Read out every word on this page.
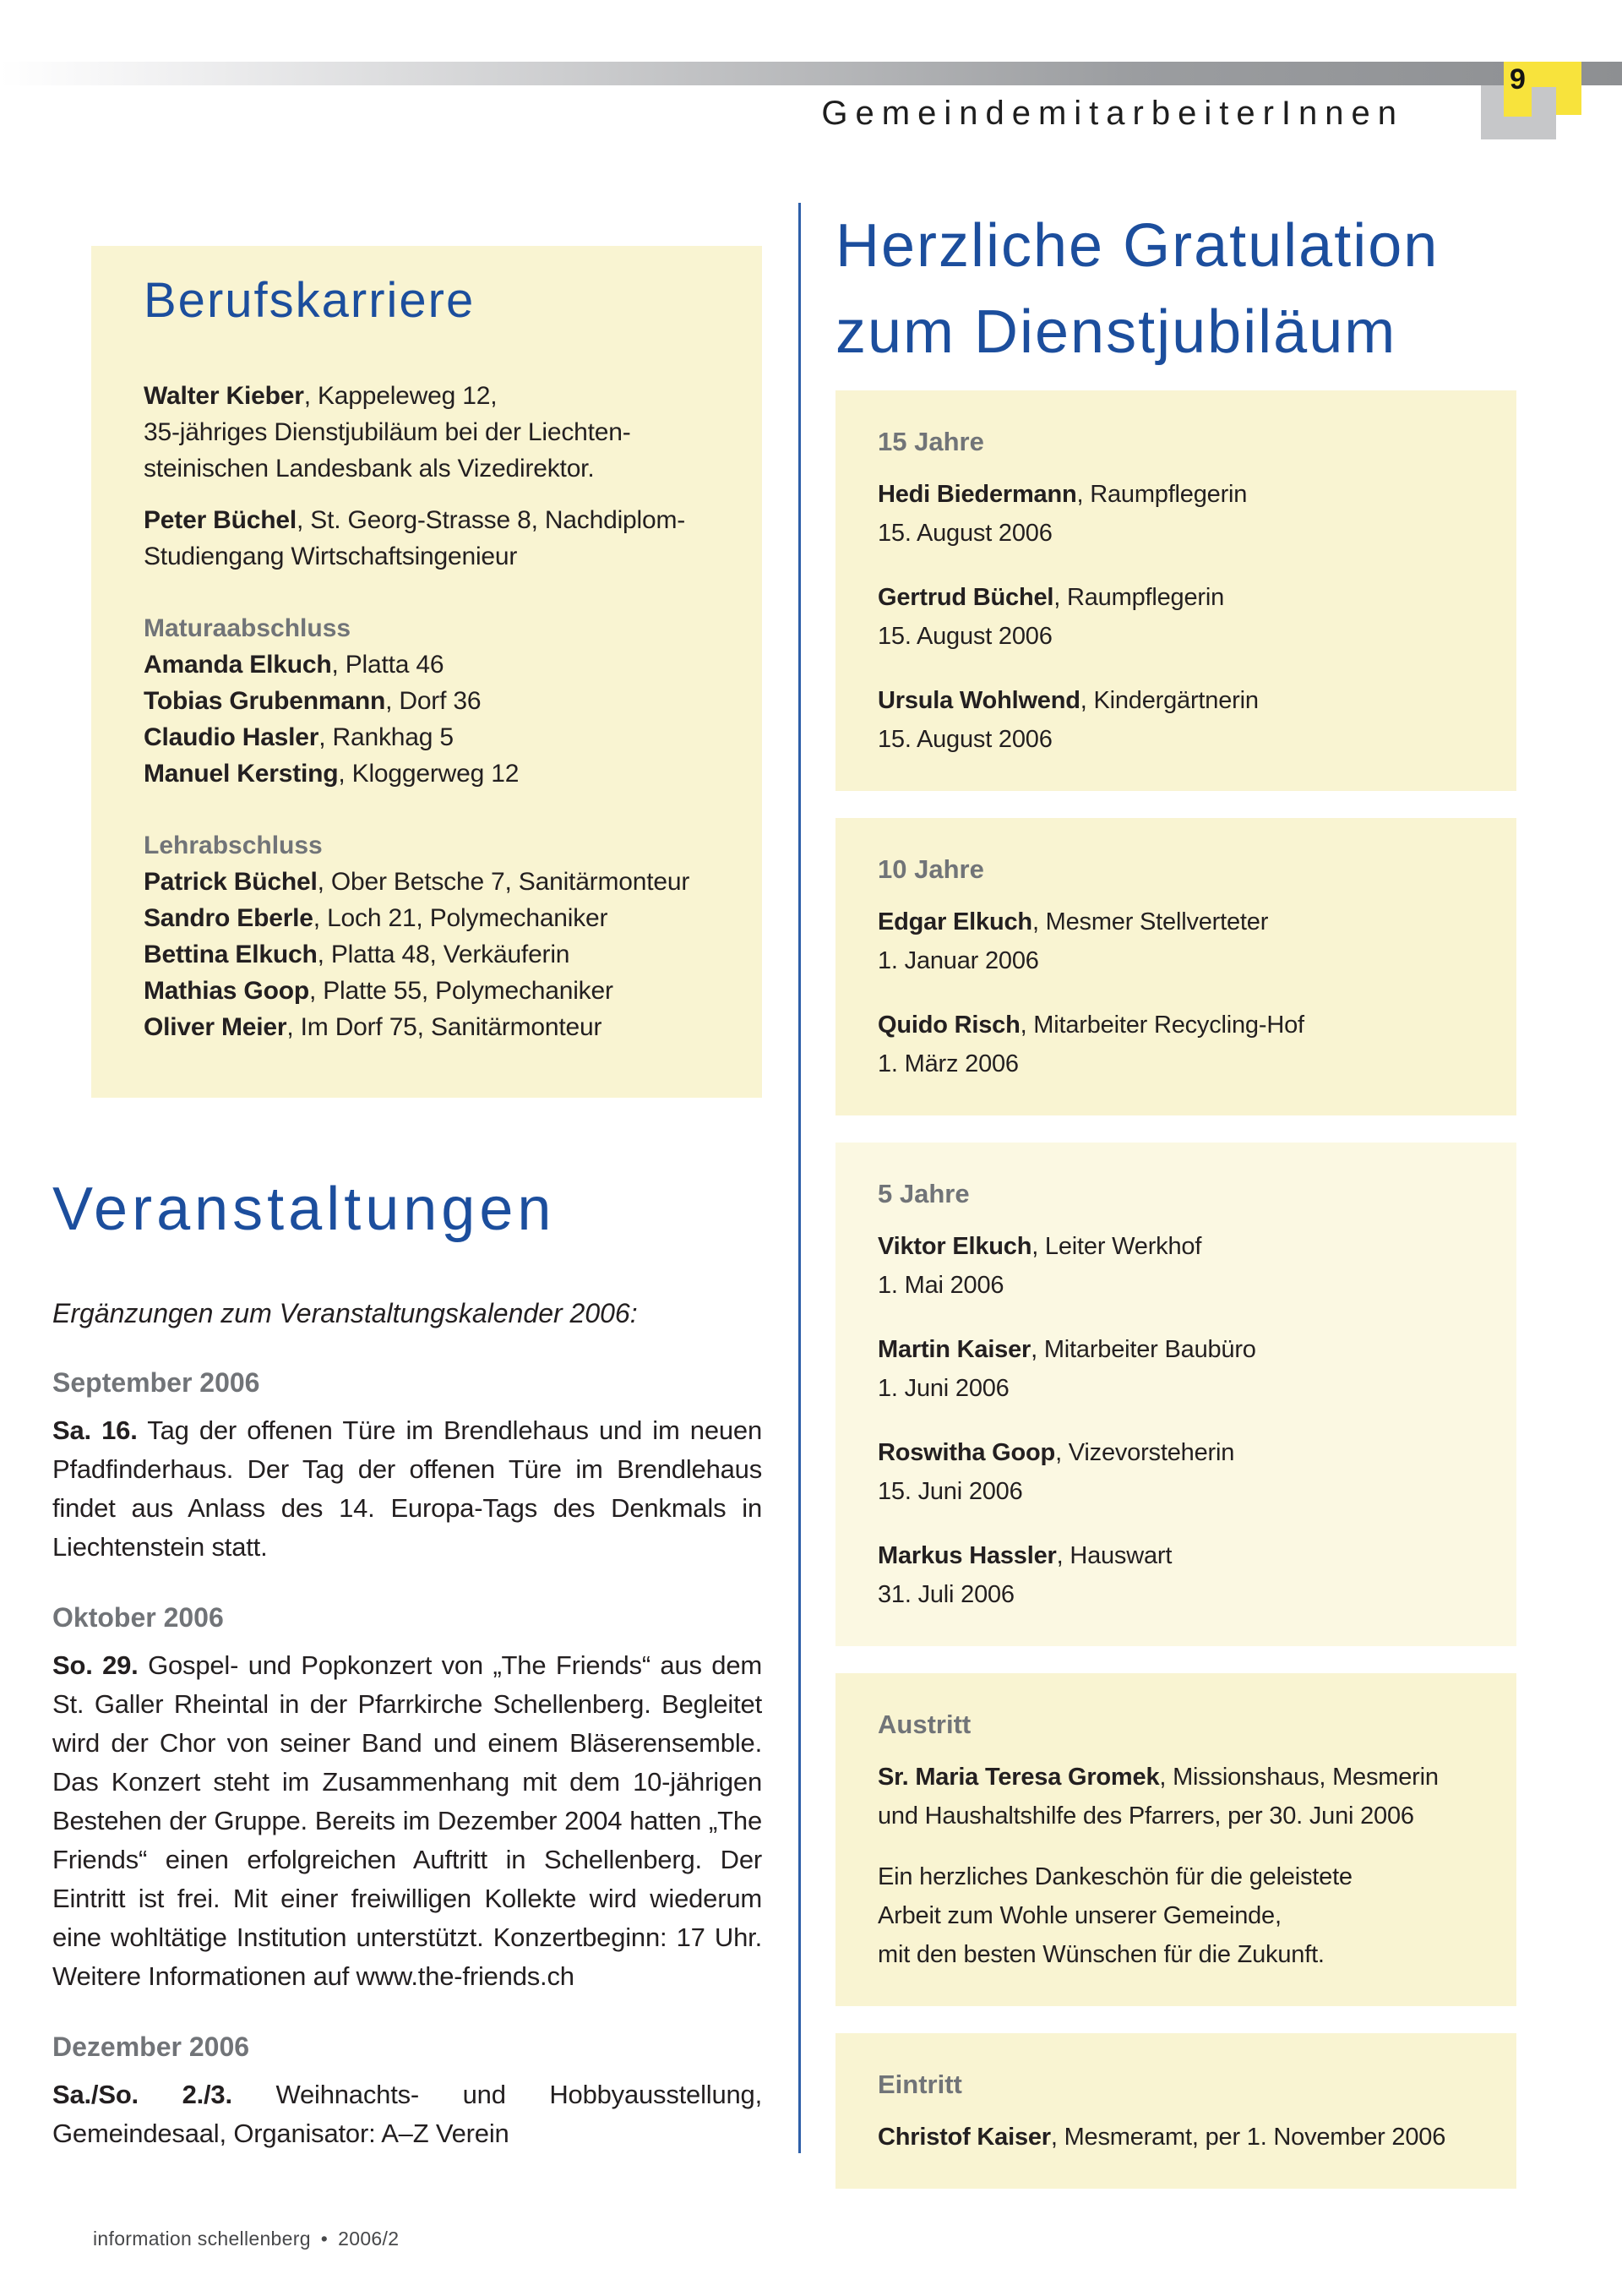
9
GemeindemitarbeiterInnen
Berufskarriere
Walter Kieber, Kappeleweg 12,
35-jähriges Dienstjubiläum bei der Liechten-
steinischen Landesbank als Vizedirektor.
Peter Büchel, St. Georg-Strasse 8, Nachdiplom-
Studiengang Wirtschaftsingenieur
Maturaabschluss
Amanda Elkuch, Platta 46
Tobias Grubenmann, Dorf 36
Claudio Hasler, Rankhag 5
Manuel Kersting, Kloggerweg 12
Lehrabschluss
Patrick Büchel, Ober Betsche 7, Sanitärmonteur
Sandro Eberle, Loch 21, Polymechaniker
Bettina Elkuch, Platta 48, Verkäuferin
Mathias Goop, Platte 55, Polymechaniker
Oliver Meier, Im Dorf 75, Sanitärmonteur
Veranstaltungen
Ergänzungen zum Veranstaltungskalender 2006:
September 2006

Sa. 16. Tag der offenen Türe im Brendlehaus und im neuen Pfadfinderhaus. Der Tag der offenen Türe im Brendlehaus findet aus Anlass des 14. Europa-Tags des Denkmals in Liechtenstein statt.

Oktober 2006

So. 29. Gospel- und Popkonzert von „The Friends“ aus dem St. Galler Rheintal in der Pfarrkirche Schellenberg. Begleitet wird der Chor von seiner Band und einem Bläserensemble. Das Konzert steht im Zusammenhang mit dem 10-jährigen Bestehen der Gruppe. Bereits im Dezember 2004 hatten „The Friends“ einen erfolgreichen Auftritt in Schellenberg. Der Eintritt ist frei. Mit einer freiwilligen Kollekte wird wiederum eine wohltätige Institution unterstützt. Konzertbeginn: 17 Uhr. Weitere Informationen auf www.the-friends.ch

Dezember 2006

Sa./So. 2./3. Weihnachts- und Hobbyausstellung, Gemeindesaal, Organisator: A–Z Verein

Herzliche Gratulation
zum Dienstjubiläum
15 Jahre
Hedi Biedermann, Raumpflegerin
15. August 2006
Gertrud Büchel, Raumpflegerin
15. August 2006
Ursula Wohlwend, Kindergärtnerin
15. August 2006
10 Jahre
Edgar Elkuch, Mesmer Stellverteter
1. Januar 2006
Quido Risch, Mitarbeiter Recycling-Hof
1. März 2006
5 Jahre
Viktor Elkuch, Leiter Werkhof
1. Mai 2006
Martin Kaiser, Mitarbeiter Baubüro
1. Juni 2006
Roswitha Goop, Vizevorsteherin
15. Juni 2006
Markus Hassler, Hauswart
31. Juli 2006
Austritt
Sr. Maria Teresa Gromek, Missionshaus, Mesmerin
und Haushaltshilfe des Pfarrers, per 30. Juni 2006
Ein herzliches Dankeschön für die geleistete
Arbeit zum Wohle unserer Gemeinde,
mit den besten Wünschen für die Zukunft.
Eintritt
Christof Kaiser, Mesmeramt, per 1. November 2006
information schellenberg • 2006/2
